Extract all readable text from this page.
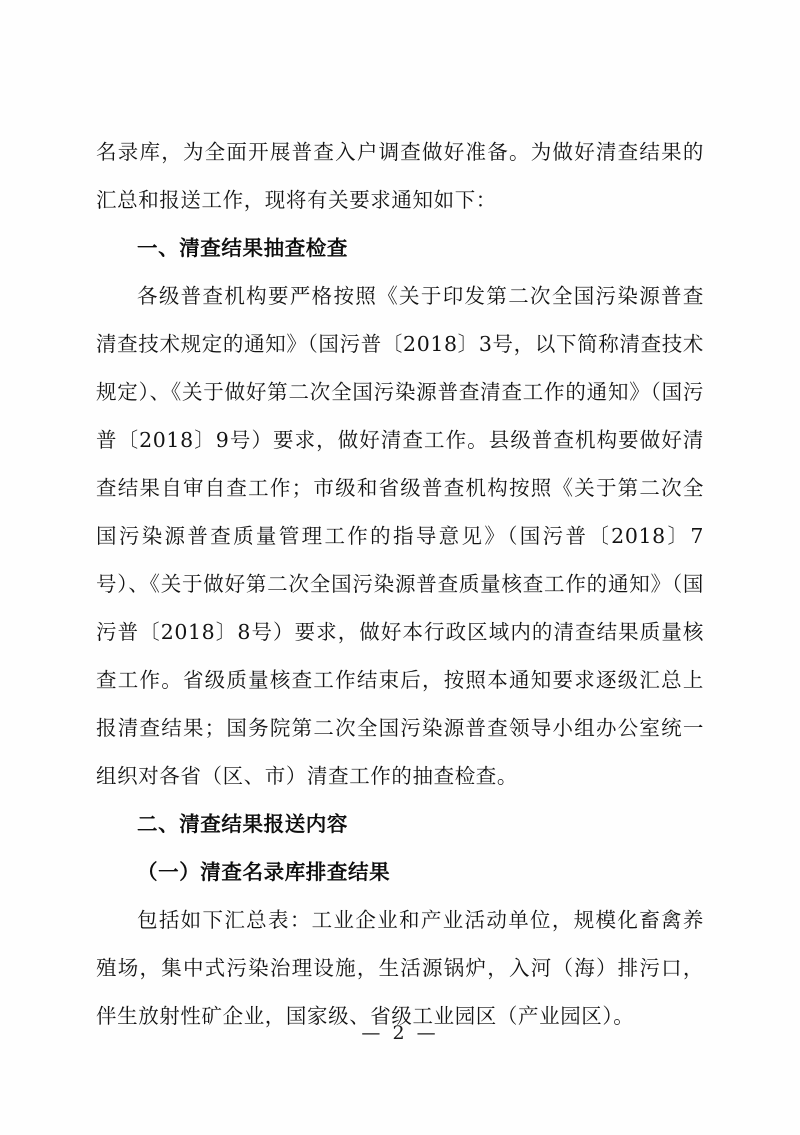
名录库，为全面开展普查入户调查做好准备。为做好清查结果的汇总和报送工作，现将有关要求通知如下：

一、清查结果抽查检查

各级普查机构要严格按照《关于印发第二次全国污染源普查清查技术规定的通知》（国污普〔2018〕3号，以下简称清查技术规定）、《关于做好第二次全国污染源普查清查工作的通知》（国污普〔2018〕9号）要求，做好清查工作。县级普查机构要做好清查结果自审自查工作；市级和省级普查机构按照《关于第二次全国污染源普查质量管理工作的指导意见》（国污普〔2018〕7号）、《关于做好第二次全国污染源普查质量核查工作的通知》（国污普〔2018〕8号）要求，做好本行政区域内的清查结果质量核查工作。省级质量核查工作结束后，按照本通知要求逐级汇总上报清查结果；国务院第二次全国污染源普查领导小组办公室统一组织对各省（区、市）清查工作的抽查检查。

二、清查结果报送内容

（一）清查名录库排查结果

包括如下汇总表：工业企业和产业活动单位，规模化畜禽养殖场，集中式污染治理设施，生活源锅炉，入河（海）排污口，伴生放射性矿企业，国家级、省级工业园区（产业园区）。

— 2 —
